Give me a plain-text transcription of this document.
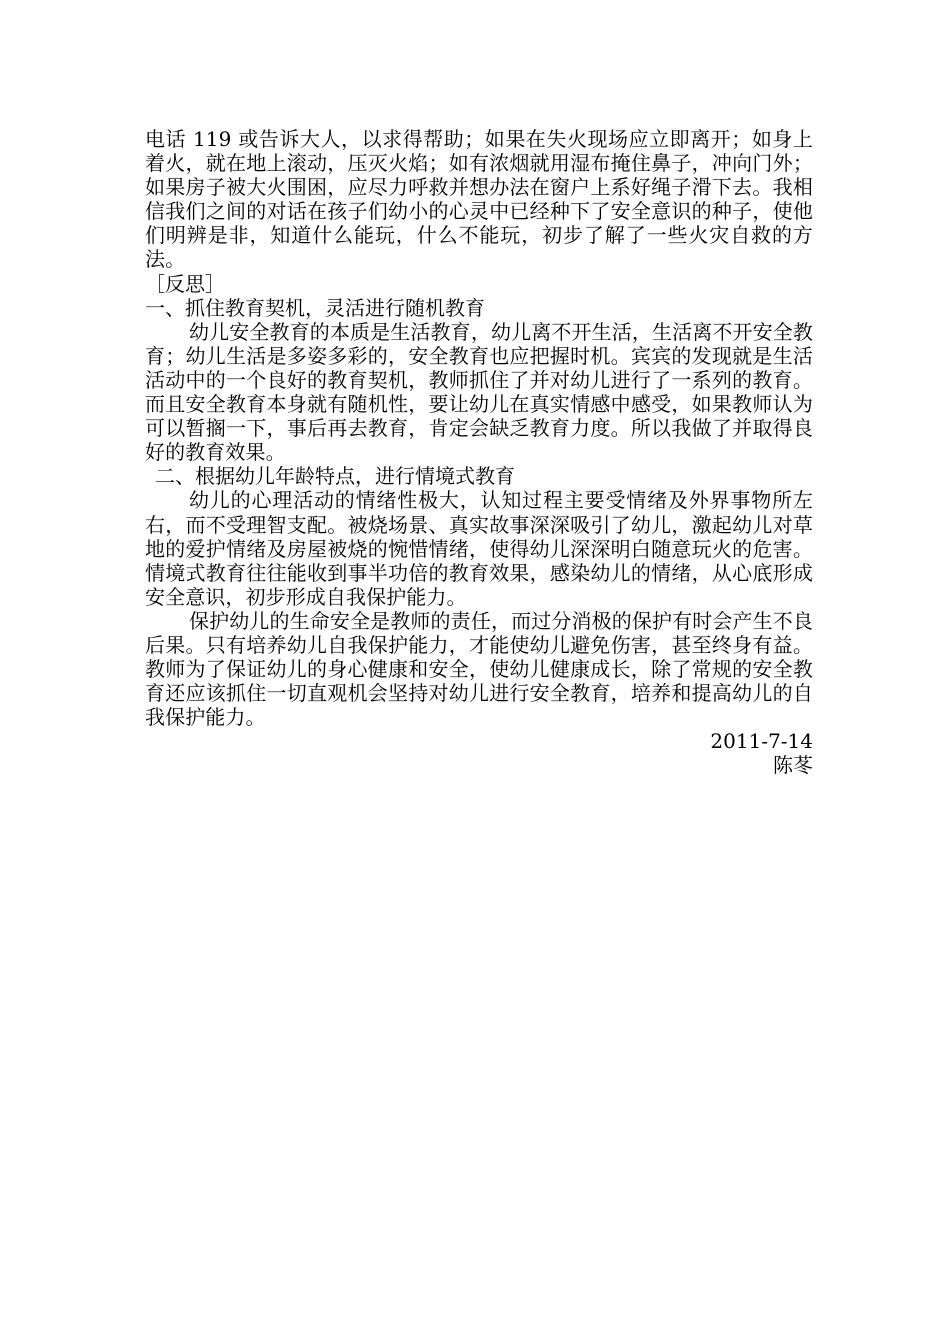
电话 119 或告诉大人，以求得帮助；如果在失火现场应立即离开；如身上着火，就在地上滚动，压灭火焰；如有浓烟就用湿布掩住鼻子，冲向门外；如果房子被大火围困，应尽力呼救并想办法在窗户上系好绳子滑下去。我相信我们之间的对话在孩子们幼小的心灵中已经种下了安全意识的种子，使他们明辨是非，知道什么能玩，什么不能玩，初步了解了一些火灾自救的方法。

［反思］

一、抓住教育契机，灵活进行随机教育

幼儿安全教育的本质是生活教育，幼儿离不开生活，生活离不开安全教育；幼儿生活是多姿多彩的，安全教育也应把握时机。宾宾的发现就是生活活动中的一个良好的教育契机，教师抓住了并对幼儿进行了一系列的教育。而且安全教育本身就有随机性，要让幼儿在真实情感中感受，如果教师认为可以暂搁一下，事后再去教育，肯定会缺乏教育力度。所以我做了并取得良好的教育效果。

二、根据幼儿年龄特点，进行情境式教育

幼儿的心理活动的情绪性极大，认知过程主要受情绪及外界事物所左右，而不受理智支配。被烧场景、真实故事深深吸引了幼儿，激起幼儿对草地的爱护情绪及房屋被烧的惋惜情绪，使得幼儿深深明白随意玩火的危害。情境式教育往往能收到事半功倍的教育效果，感染幼儿的情绪，从心底形成安全意识，初步形成自我保护能力。

保护幼儿的生命安全是教师的责任，而过分消极的保护有时会产生不良后果。只有培养幼儿自我保护能力，才能使幼儿避免伤害，甚至终身有益。教师为了保证幼儿的身心健康和安全，使幼儿健康成长，除了常规的安全教育还应该抓住一切直观机会坚持对幼儿进行安全教育，培养和提高幼儿的自我保护能力。

2011-7-14

陈苳
